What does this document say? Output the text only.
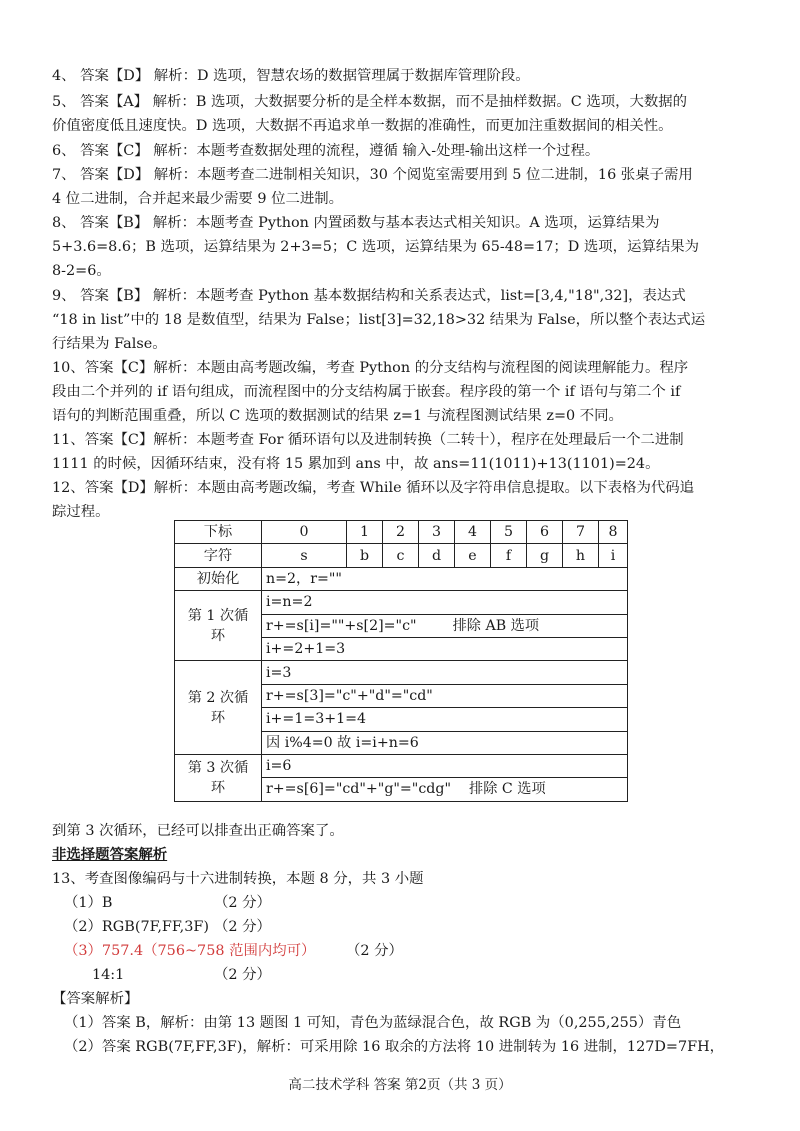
4、 答案【D】 解析：D 选项，智慧农场的数据管理属于数据库管理阶段。
5、 答案【A】 解析：B 选项，大数据要分析的是全样本数据，而不是抽样数据。C 选项，大数据的
价值密度低且速度快。D 选项，大数据不再追求单一数据的准确性，而更加注重数据间的相关性。
6、 答案【C】 解析：本题考查数据处理的流程，遵循 输入-处理-输出这样一个过程。
7、 答案【D】 解析：本题考查二进制相关知识，30 个阅览室需要用到 5 位二进制，16 张桌子需用
4 位二进制，合并起来最少需要 9 位二进制。
8、 答案【B】 解析：本题考查 Python 内置函数与基本表达式相关知识。A 选项，运算结果为
5+3.6=8.6；B 选项，运算结果为 2+3=5；C 选项，运算结果为 65-48=17；D 选项，运算结果为
8-2=6。
9、 答案【B】 解析：本题考查 Python 基本数据结构和关系表达式，list=[3,4,"18",32]，表达式
“18 in list”中的 18 是数值型，结果为 False；list[3]=32,18>32 结果为 False，所以整个表达式运
行结果为 False。
10、答案【C】解析：本题由高考题改编，考查 Python 的分支结构与流程图的阅读理解能力。程序
段由二个并列的 if 语句组成，而流程图中的分支结构属于嵌套。程序段的第一个 if 语句与第二个 if
语句的判断范围重叠，所以 C 选项的数据测试的结果 z=1 与流程图测试结果 z=0 不同。
11、答案【C】解析：本题考查 For 循环语句以及进制转换（二转十），程序在处理最后一个二进制
1111 的时候，因循环结束，没有将 15 累加到 ans 中，故 ans=11(1011)+13(1101)=24。
12、答案【D】解析：本题由高考题改编，考查 While 循环以及字符串信息提取。以下表格为代码追
踪过程。
下标	0	1	2	3	4	5	6	7	8
字符	s	b	c	d	e	f	g	h	i
初始化	n=2，r=""								

第 1 次循
环	i=n=2								
	r+=s[i]=""+s[2]="c"        排除 AB 选项								
	i+=2+1=3								

第 2 次循
环	i=3								
	r+=s[3]="c"+"d"="cd"								
	i+=1=3+1=4								
	因 i%4=0 故 i=i+n=6								

第 3 次循
环	i=6								
	r+=s[6]="cd"+"g"="cdg"    排除 C 选项								
到第 3 次循环，已经可以排查出正确答案了。
非选择题答案解析
13、考查图像编码与十六进制转换，本题 8 分，共 3 小题
（1）B	（2 分）
（2）RGB(7F,FF,3F) （2 分）
（3）757.4（756~758 范围内均可） （2 分）
14:1	（2 分）
【答案解析】
（1）答案 B，解析：由第 13 题图 1 可知，青色为蓝绿混合色，故 RGB 为（0,255,255）青色
（2）答案 RGB(7F,FF,3F)，解析：可采用除 16 取余的方法将 10 进制转为 16 进制，127D=7FH，
高二技术学科 答案 第2页（共 3 页）
